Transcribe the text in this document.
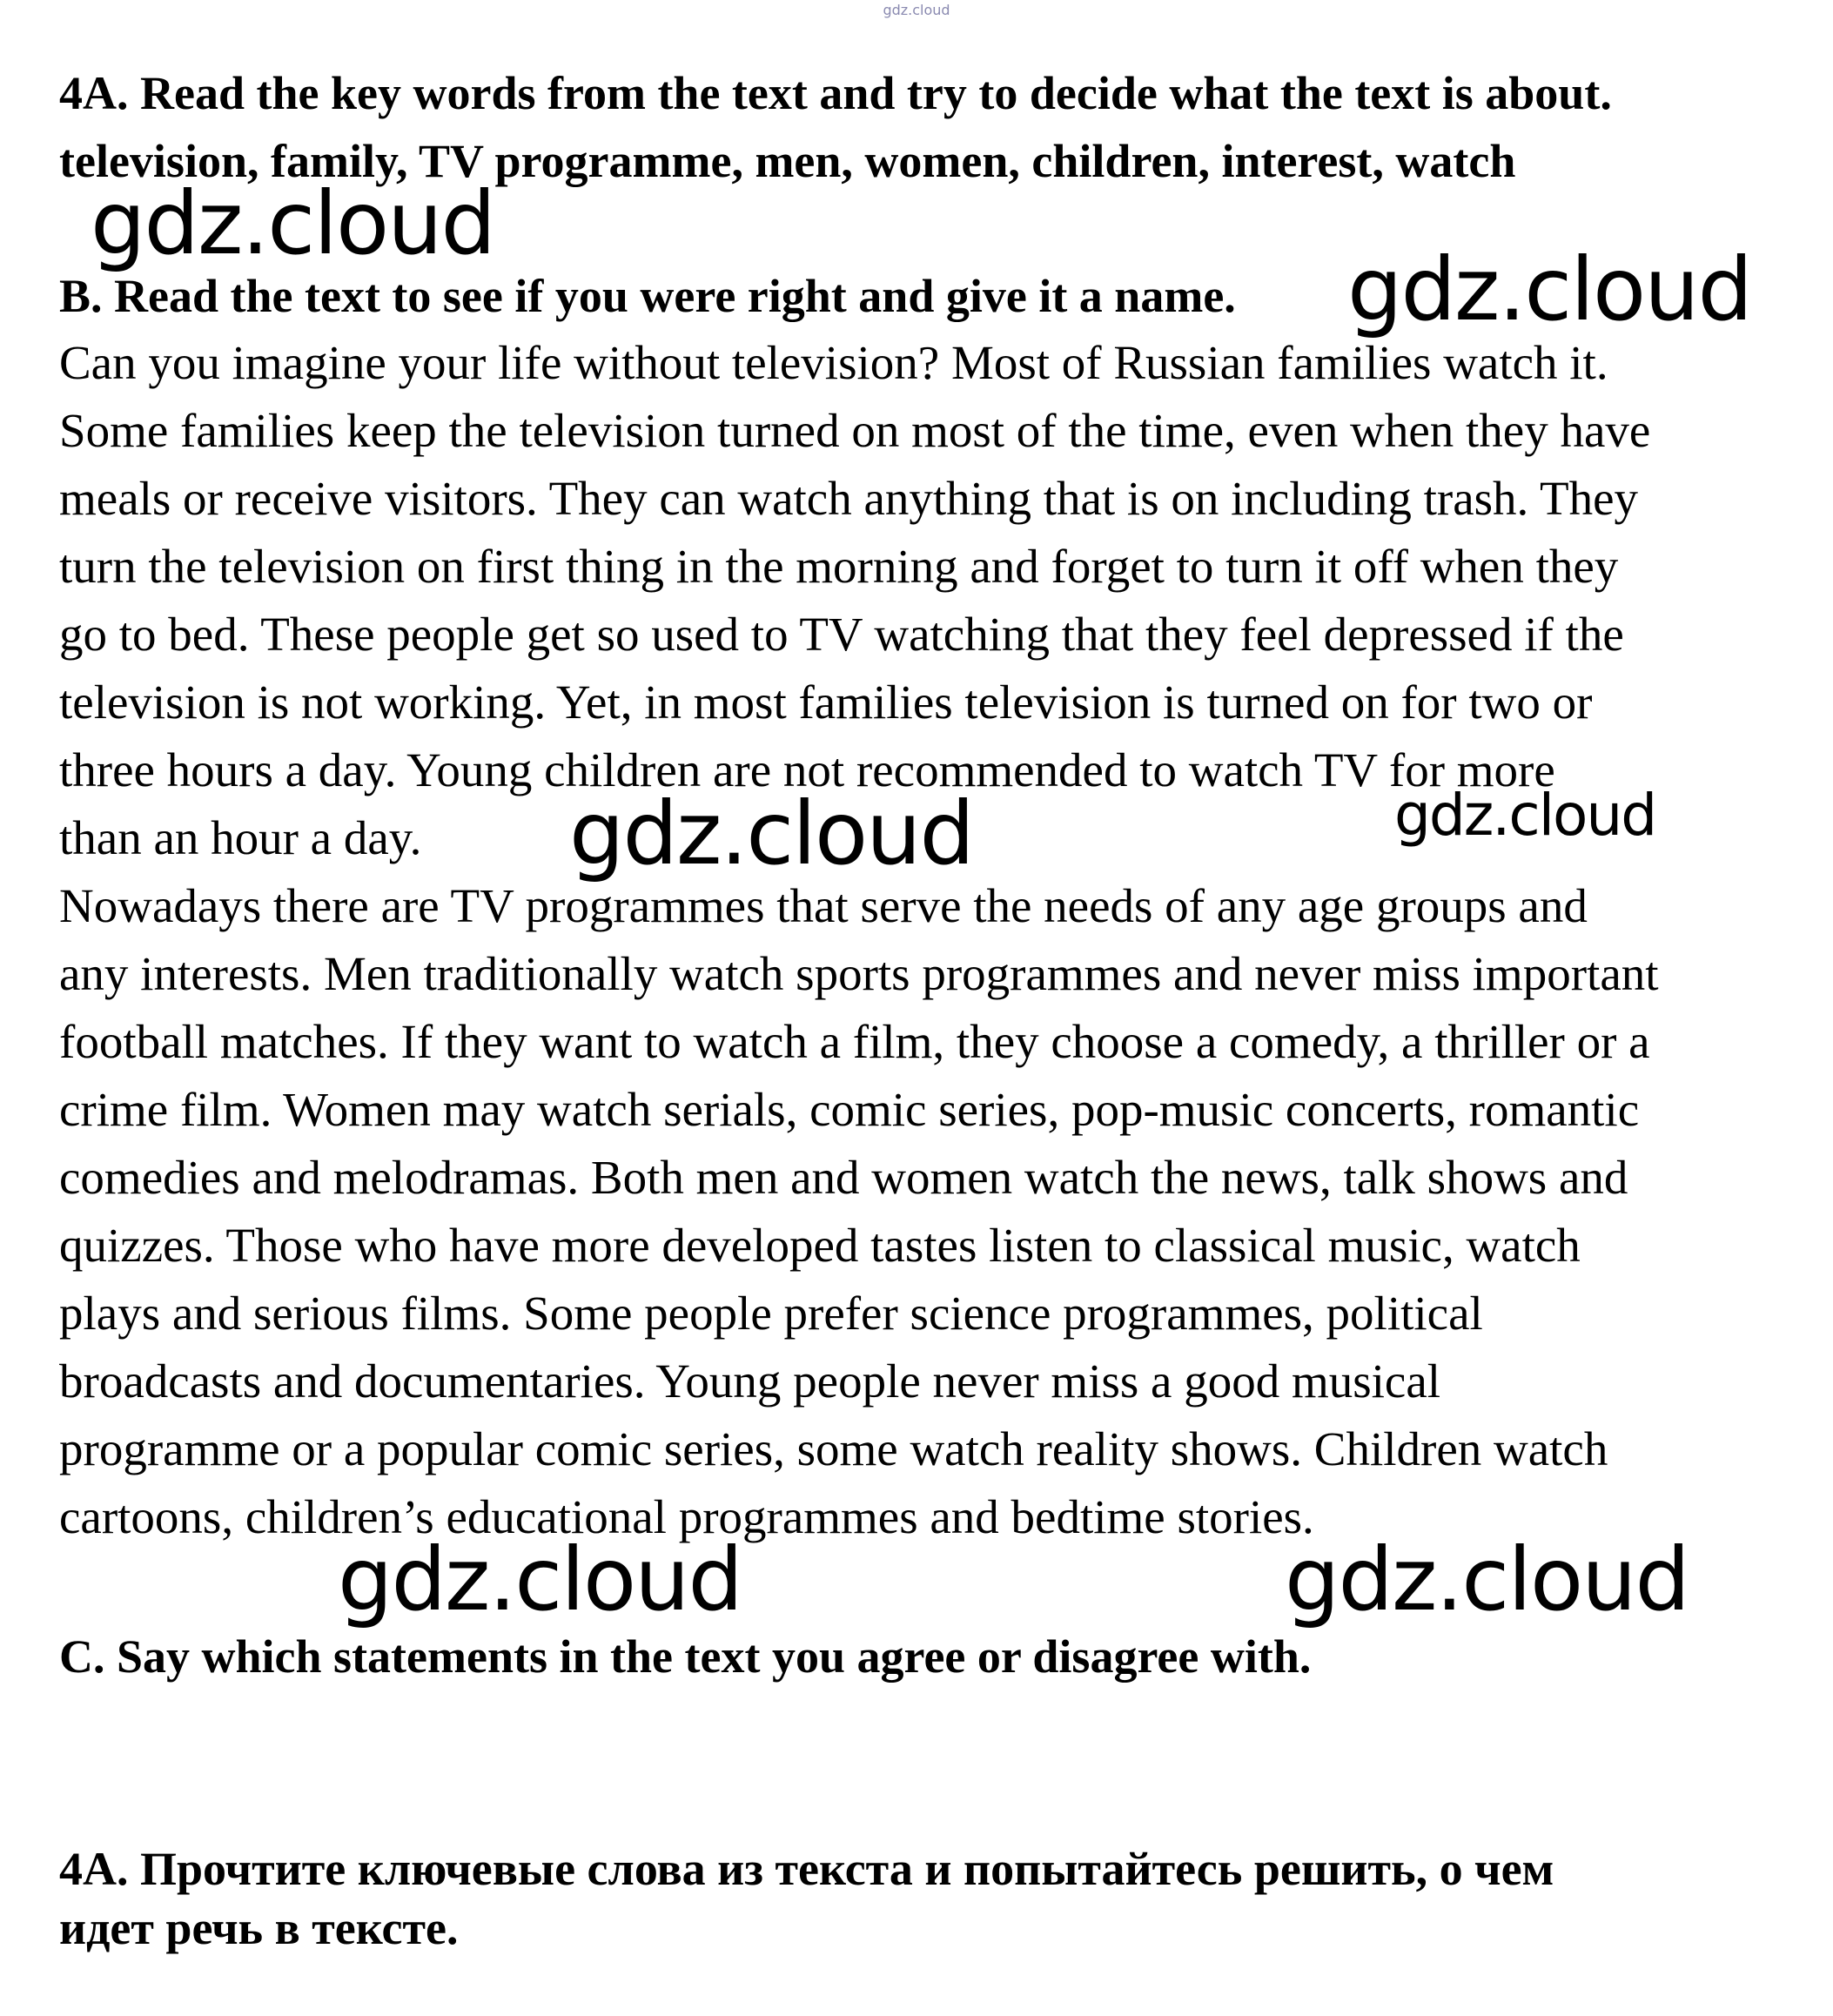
gdz.cloud
4A. Read the key words from the text and try to decide what the text is about.
television, family, TV programme, men, women, children, interest, watch
B. Read the text to see if you were right and give it a name.
Can you imagine your life without television? Most of Russian families watch it.
Some families keep the television turned on most of the time, even when they have
meals or receive visitors. They can watch anything that is on including trash. They
turn the television on first thing in the morning and forget to turn it off when they
go to bed. These people get so used to TV watching that they feel depressed if the
television is not working. Yet, in most families television is turned on for two or
three hours a day. Young children are not recommended to watch TV for more
than an hour a day.
Nowadays there are TV programmes that serve the needs of any age groups and
any interests. Men traditionally watch sports programmes and never miss important
football matches. If they want to watch a film, they choose a comedy, a thriller or a
crime film. Women may watch serials, comic series, pop-music concerts, romantic
comedies and melodramas. Both men and women watch the news, talk shows and
quizzes. Those who have more developed tastes listen to classical music, watch
plays and serious films. Some people prefer science programmes, political
broadcasts and documentaries. Young people never miss a good musical
programme or a popular comic series, some watch reality shows. Children watch
cartoons, children’s educational programmes and bedtime stories.
C. Say which statements in the text you agree or disagree with.
4А. Прочтите ключевые слова из текста и попытайтесь решить, о чем
идет речь в тексте.
gdz.cloud
gdz.cloud
gdz.cloud	gdz.cloud
gdz.cloud	gdz.cloud
